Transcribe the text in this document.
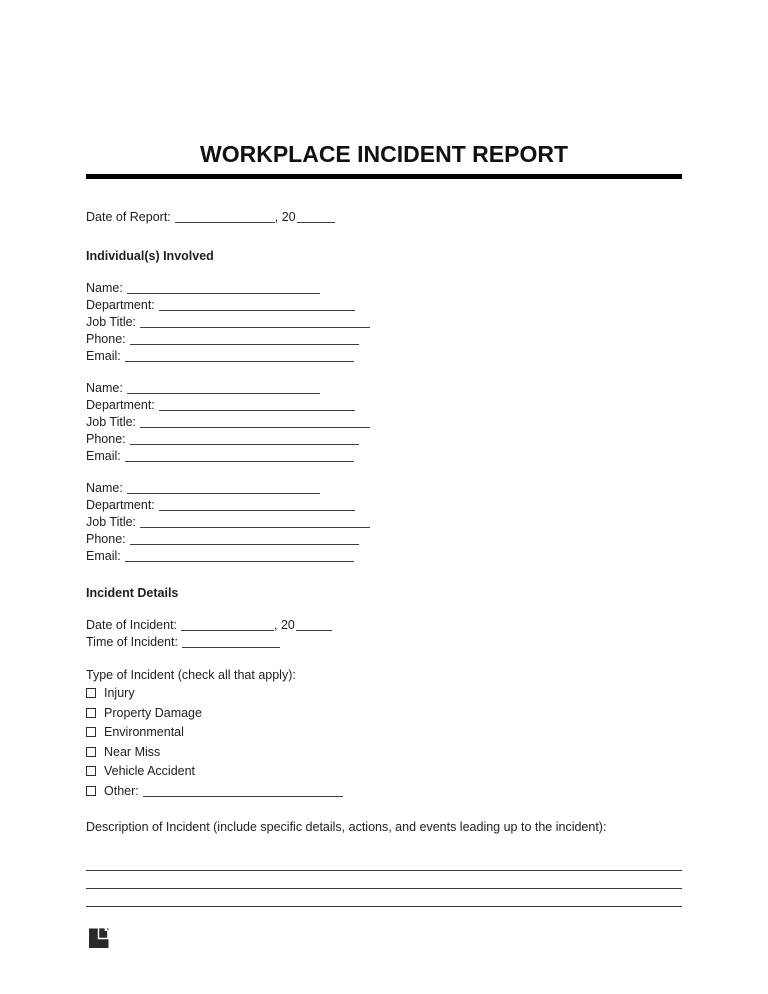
WORKPLACE INCIDENT REPORT
Date of Report:	, 20
Individual(s) Involved
Name:
Department:
Job Title:
Phone:
Email:
Name:
Department:
Job Title:
Phone:
Email:
Name:
Department:
Job Title:
Phone:
Email:
Incident Details
Date of Incident:	, 20
Time of Incident:
Type of Incident (check all that apply):
Injury
Property Damage
Environmental
Near Miss
Vehicle Accident
Other:
Description of Incident (include specific details, actions, and events leading up to the incident):
